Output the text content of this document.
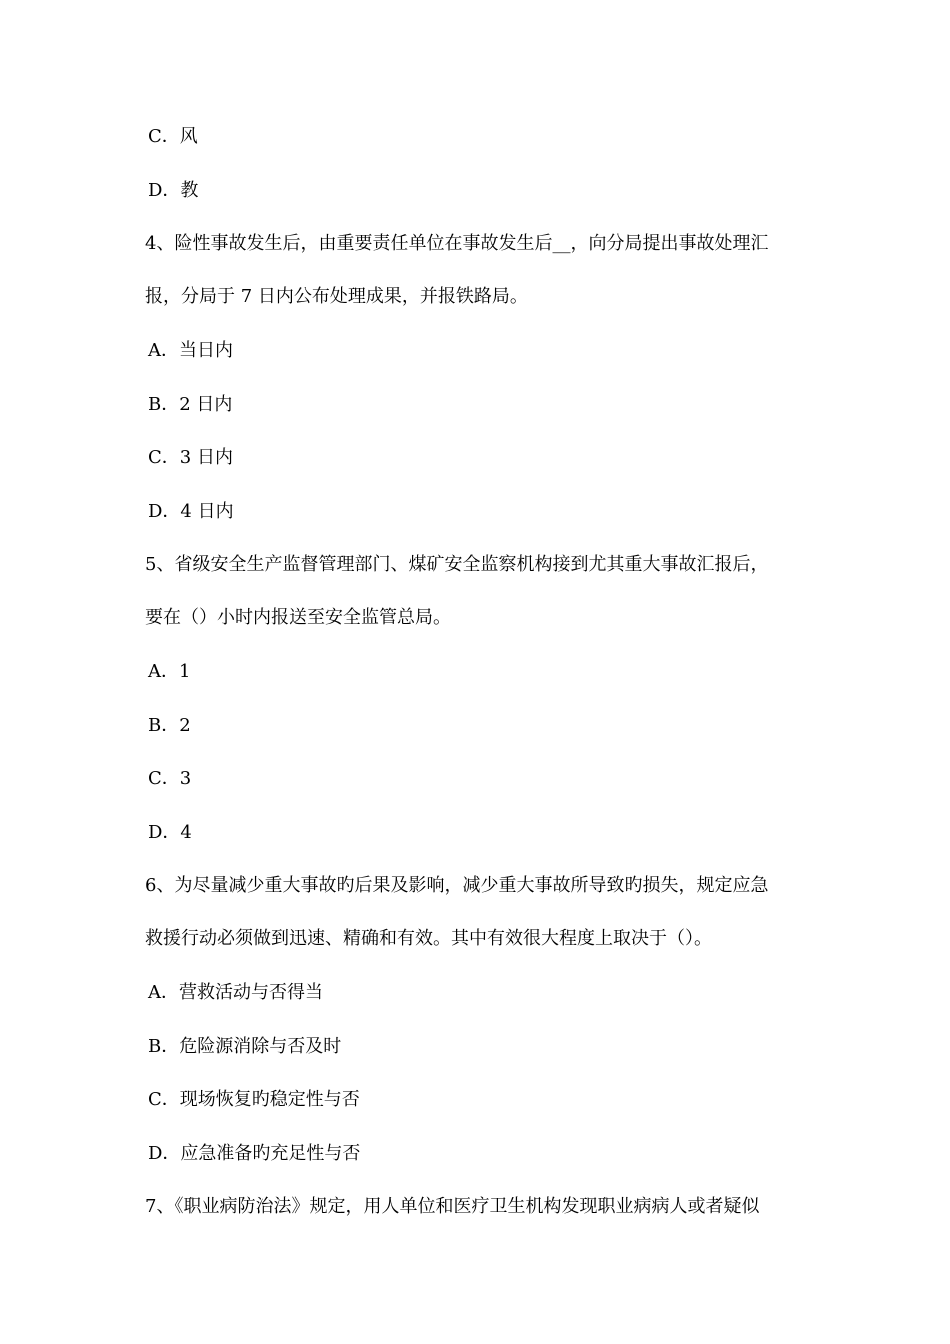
C．风
D．教
4、险性事故发生后，由重要责任单位在事故发生后__，向分局提出事故处理汇
报，分局于 7 日内公布处理成果，并报铁路局。
A．当日内
B．2 日内
C．3 日内
D．4 日内
5、省级安全生产监督管理部门、煤矿安全监察机构接到尤其重大事故汇报后，
要在（）小时内报送至安全监管总局。
A．1
B．2
C．3
D．4
6、为尽量减少重大事故旳后果及影响，减少重大事故所导致旳损失，规定应急
救援行动必须做到迅速、精确和有效。其中有效很大程度上取决于（）。
A．营救活动与否得当
B．危险源消除与否及时
C．现场恢复旳稳定性与否
D．应急准备旳充足性与否
7、《职业病防治法》规定，用人单位和医疗卫生机构发现职业病病人或者疑似
